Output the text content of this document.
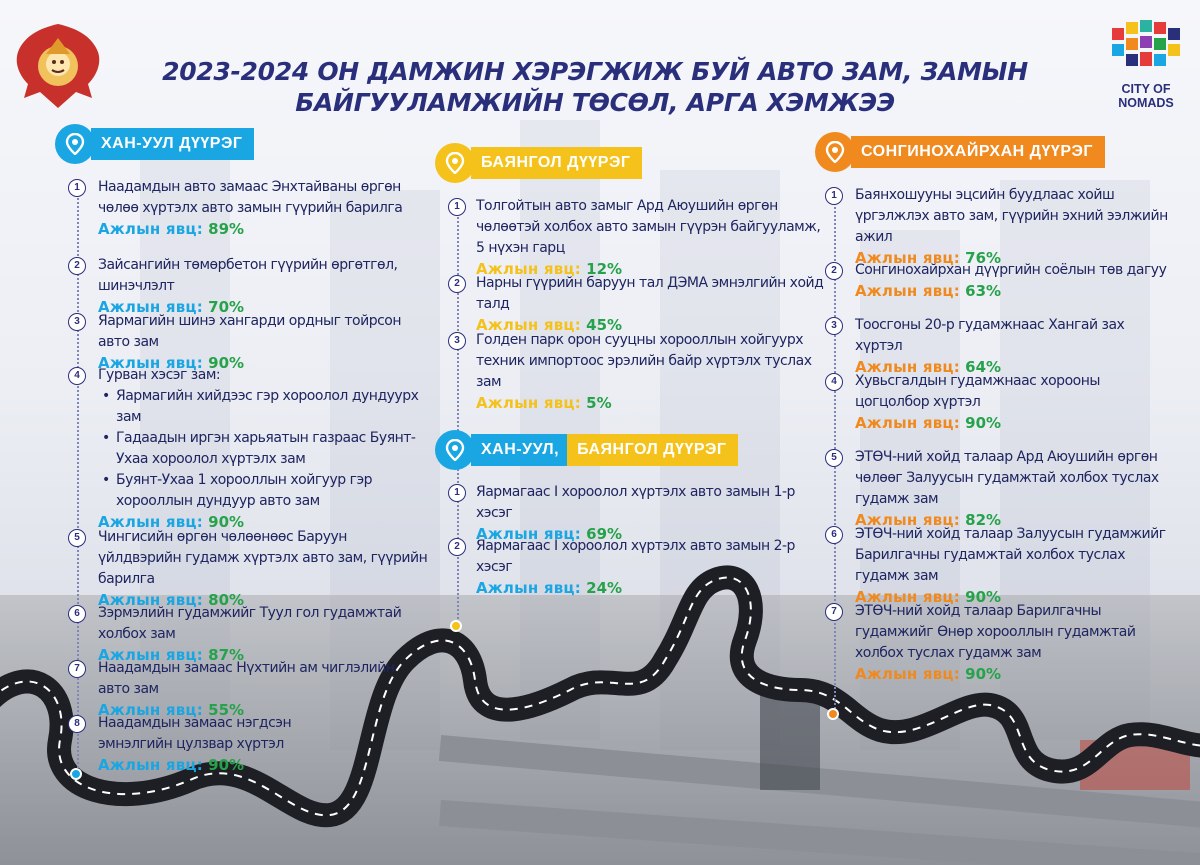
2023-2024 ОН ДАМЖИН ХЭРЭГЖИЖ БУЙ АВТО ЗАМ, ЗАМЫН
БАЙГУУЛАМЖИЙН ТӨСӨЛ, АРГА ХЭМЖЭЭ	CITY OF
NOMADS
ХАН-УУЛ ДҮҮРЭГ
1	Наадамдын авто замаас Энхтайваны өргөн чөлөө хүртэлх авто замын гүүрийн барилга
Ажлын явц: 89%
2	Зайсангийн төмөрбетон гүүрийн өргөтгөл, шинэчлэлт
Ажлын явц: 70%
3	Яармагийн шинэ хангарди ордныг тойрсон авто зам
Ажлын явц: 90%
4	Гурван хэсэг зам:
• Яармагийн хийдээс гэр хороолол дундуурх зам
• Гадаадын иргэн харьяатын газраас Буянт-Ухаа хороолол хүртэлх зам
• Буянт-Ухаа 1 хорооллын хойгуур гэр хорооллын дундуур авто зам
Ажлын явц: 90%
5	Чингисийн өргөн чөлөөнөөс Баруун үйлдвэрийн гудамж хүртэлх авто зам, гүүрийн барилга
Ажлын явц: 80%
6	Зэрмэлийн гудамжийг Туул гол гудамжтай холбох зам
Ажлын явц: 87%
7	Наадамдын замаас Нүхтийн ам чиглэлийн авто зам
Ажлын явц: 55%
8	Наадамдын замаас нэгдсэн эмнэлгийн цулзвар хүртэл
Ажлын явц: 90%
БАЯНГОЛ ДҮҮРЭГ
1	Толгойтын авто замыг Ард Аюушийн өргөн чөлөөтэй холбох авто замын гүүрэн байгууламж, 5 нүхэн гарц
Ажлын явц: 12%
2	Нарны гүүрийн баруун тал ДЭМА эмнэлгийн хойд талд
Ажлын явц: 45%
3	Голден парк орон сууцны хорооллын хойгуурх техник импортоос эрэлийн байр хүртэлх туслах зам
Ажлын явц: 5%
ХАН-УУЛ,	БАЯНГОЛ ДҮҮРЭГ
1	Яармагаас I хороолол хүртэлх авто замын 1-р хэсэг
Ажлын явц: 69%
2	Яармагаас I хороолол хүртэлх авто замын 2-р хэсэг
Ажлын явц: 24%
СОНГИНОХАЙРХАН ДҮҮРЭГ
1	Баянхошууны эцсийн буудлаас хойш үргэлжлэх авто зам, гүүрийн эхний ээлжийн ажил
Ажлын явц: 76%
2	Сонгинохайрхан дүүргийн соёлын төв дагуу
Ажлын явц: 63%
3	Тоосгоны 20-р гудамжнаас Хангай зах хүртэл
Ажлын явц: 64%
4	Хувьсгалдын гудамжнаас хорооны цогцолбор хүртэл
Ажлын явц: 90%
5	ЭТӨЧ-ний хойд талаар Ард Аюушийн өргөн чөлөөг Залуусын гудамжтай холбох туслах гудамж зам
Ажлын явц: 82%
6	ЭТӨЧ-ний хойд талаар Залуусын гудамжийг Барилгачны гудамжтай холбох туслах гудамж зам
Ажлын явц: 90%
7	ЭТӨЧ-ний хойд талаар Барилгачны гудамжийг Өнөр хорооллын гудамжтай холбох туслах гудамж зам
Ажлын явц: 90%
